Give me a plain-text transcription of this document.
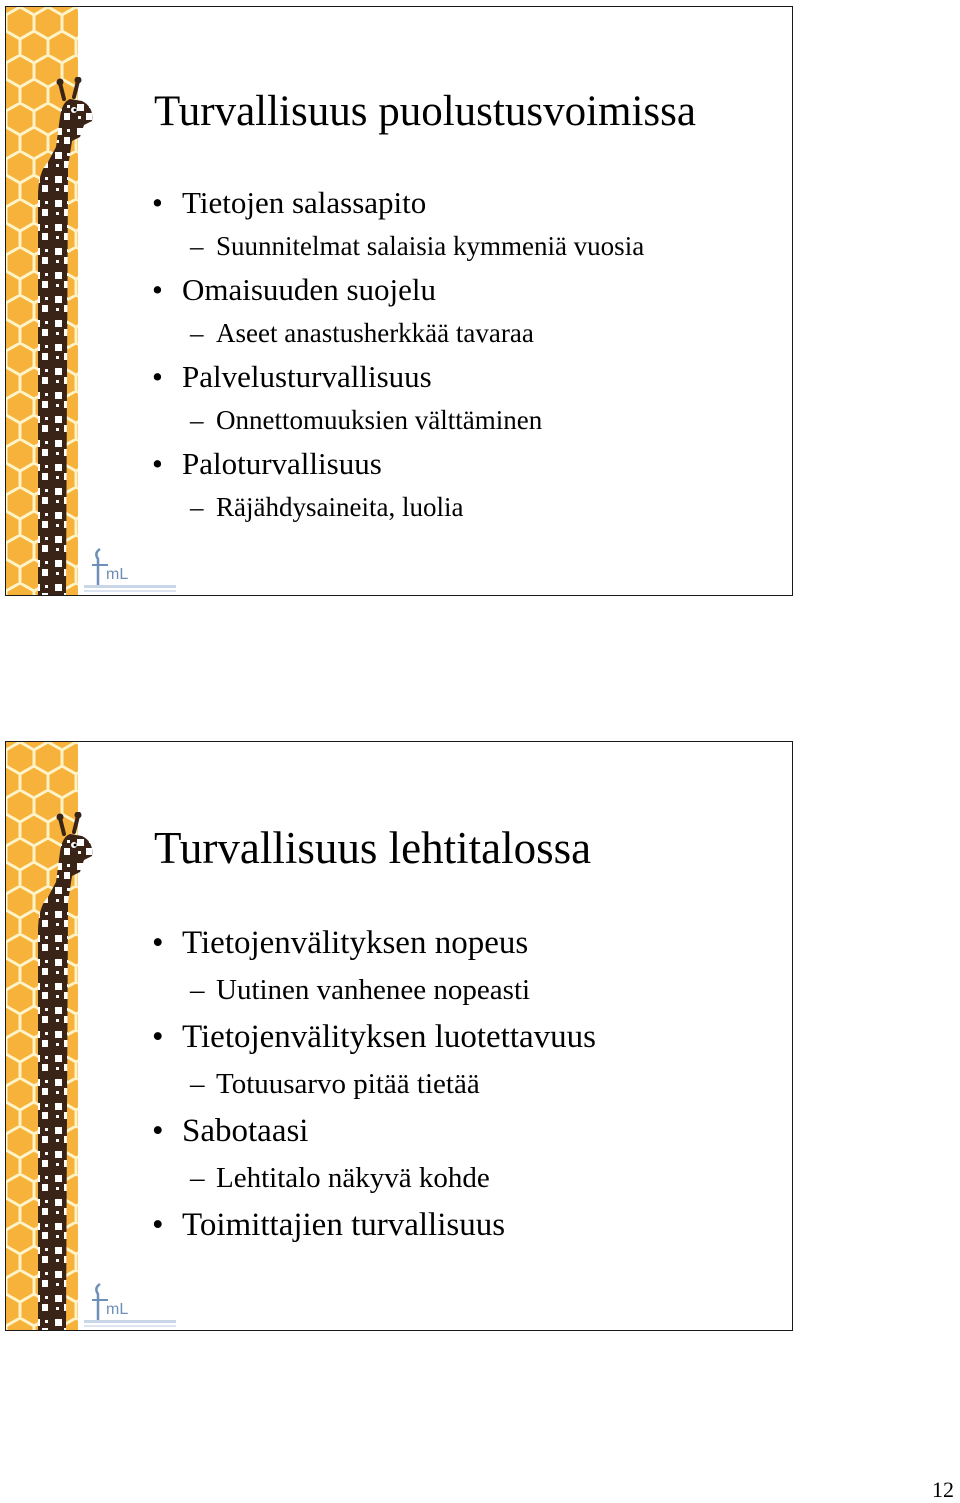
mL
Turvallisuus puolustusvoimissa
• Tietojen salassapito
– Suunnitelmat salaisia kymmeniä vuosia
• Omaisuuden suojelu
– Aseet anastusherkkää tavaraa
• Palvelusturvallisuus
– Onnettomuuksien välttäminen
• Paloturvallisuus
– Räjähdysaineita, luolia
mL
Turvallisuus lehtitalossa
• Tietojenvälityksen nopeus
– Uutinen vanhenee nopeasti
• Tietojenvälityksen luotettavuus
– Totuusarvo pitää tietää
• Sabotaasi
– Lehtitalo näkyvä kohde
• Toimittajien turvallisuus
12
